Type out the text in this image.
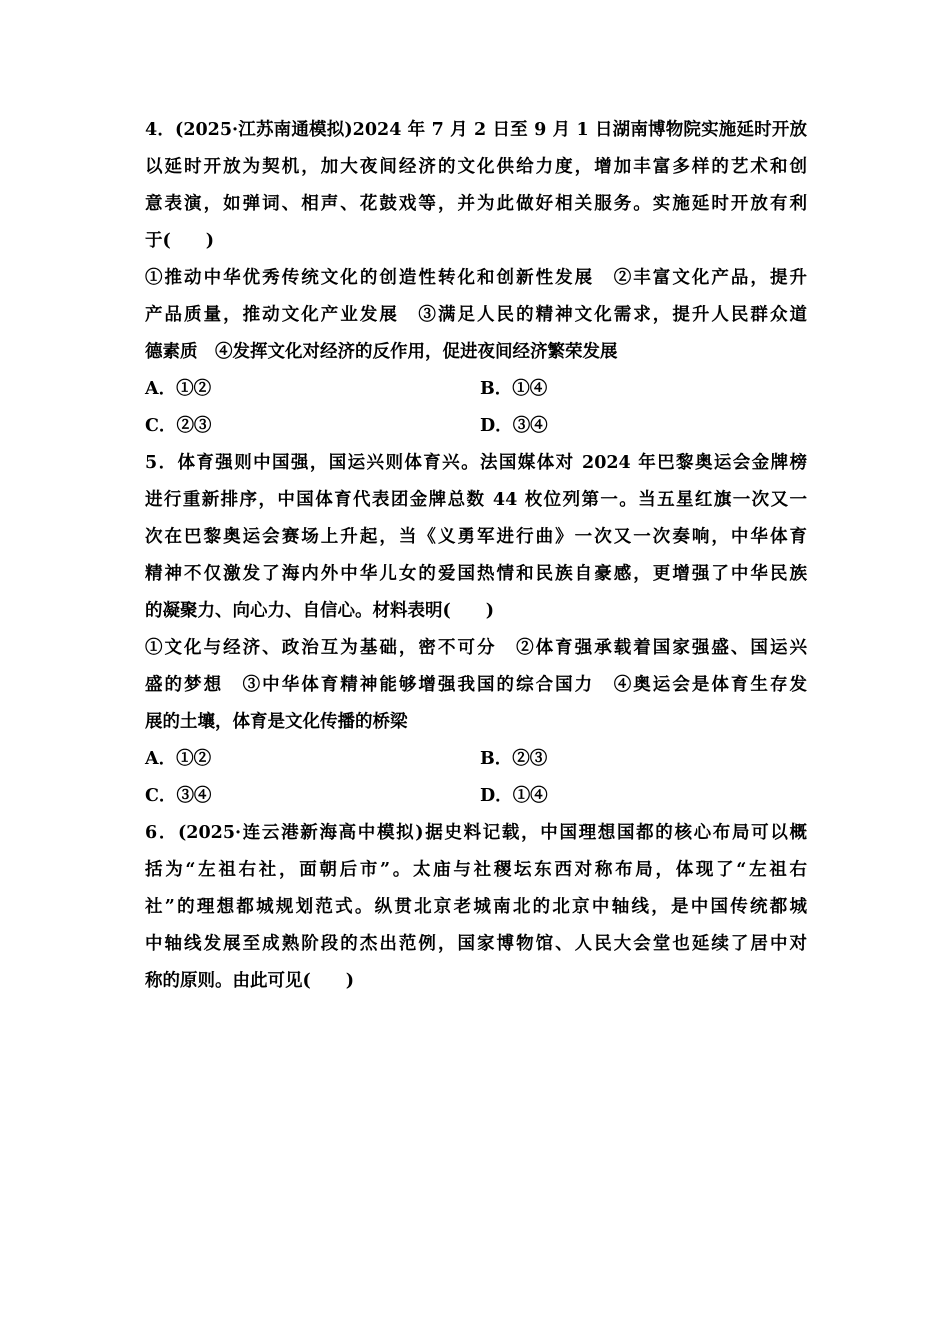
4．(2025·江苏南通模拟)2024 年 7 月 2 日至 9 月 1 日湖南博物院实施延时开放
以延时开放为契机，加大夜间经济的文化供给力度，增加丰富多样的艺术和创
意表演，如弹词、相声、花鼓戏等，并为此做好相关服务。实施延时开放有利
于(　　)
①推动中华优秀传统文化的创造性转化和创新性发展　②丰富文化产品，提升
产品质量，推动文化产业发展　③满足人民的精神文化需求，提升人民群众道
德素质　④发挥文化对经济的反作用，促进夜间经济繁荣发展
A．①②	B．①④
C．②③	D．③④
5．体育强则中国强，国运兴则体育兴。法国媒体对 2024 年巴黎奥运会金牌榜
进行重新排序，中国体育代表团金牌总数 44 枚位列第一。当五星红旗一次又一
次在巴黎奥运会赛场上升起，当《义勇军进行曲》一次又一次奏响，中华体育
精神不仅激发了海内外中华儿女的爱国热情和民族自豪感，更增强了中华民族
的凝聚力、向心力、自信心。材料表明(　　)
①文化与经济、政治互为基础，密不可分　②体育强承载着国家强盛、国运兴
盛的梦想　③中华体育精神能够增强我国的综合国力　④奥运会是体育生存发
展的土壤，体育是文化传播的桥梁
A．①②	B．②③
C．③④	D．①④
6．(2025·连云港新海高中模拟)据史料记载，中国理想国都的核心布局可以概
括为“左祖右社，面朝后市”。太庙与社稷坛东西对称布局，体现了“左祖右
社”的理想都城规划范式。纵贯北京老城南北的北京中轴线，是中国传统都城
中轴线发展至成熟阶段的杰出范例，国家博物馆、人民大会堂也延续了居中对
称的原则。由此可见(　　)
